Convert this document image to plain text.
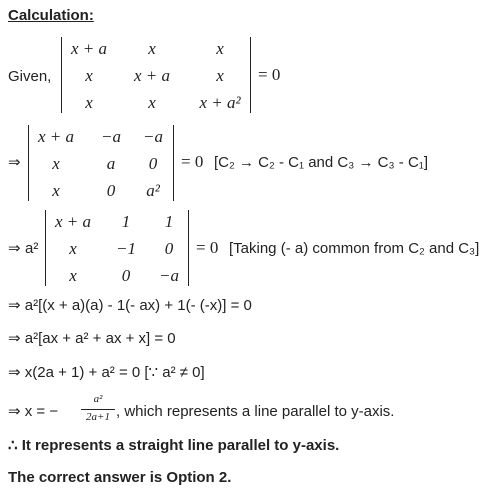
Calculation:
Given,
x + a	x	x
x	x + a	x
x	x	x + a²
= 0
⇒
x + a	−a	−a
x	a	0
x	0	a²
= 0 [C₂ → C₂ - C₁ and C₃ → C₃ - C₁]
⇒ a²
x + a	1	1
x	−1	0
x	0	−a
= 0 [Taking (- a) common from C₂ and C₃]
⇒ a²[(x + a)(a) - 1(- ax) + 1(- (-x)] = 0
⇒ a²[ax + a² + ax + x] = 0
⇒ x(2a + 1) + a² = 0 [∵ a² ≠ 0]
⇒ x = −
a²
2a+1 , which represents a line parallel to y-axis.
∴ It represents a straight line parallel to y-axis.
The correct answer is Option 2.
